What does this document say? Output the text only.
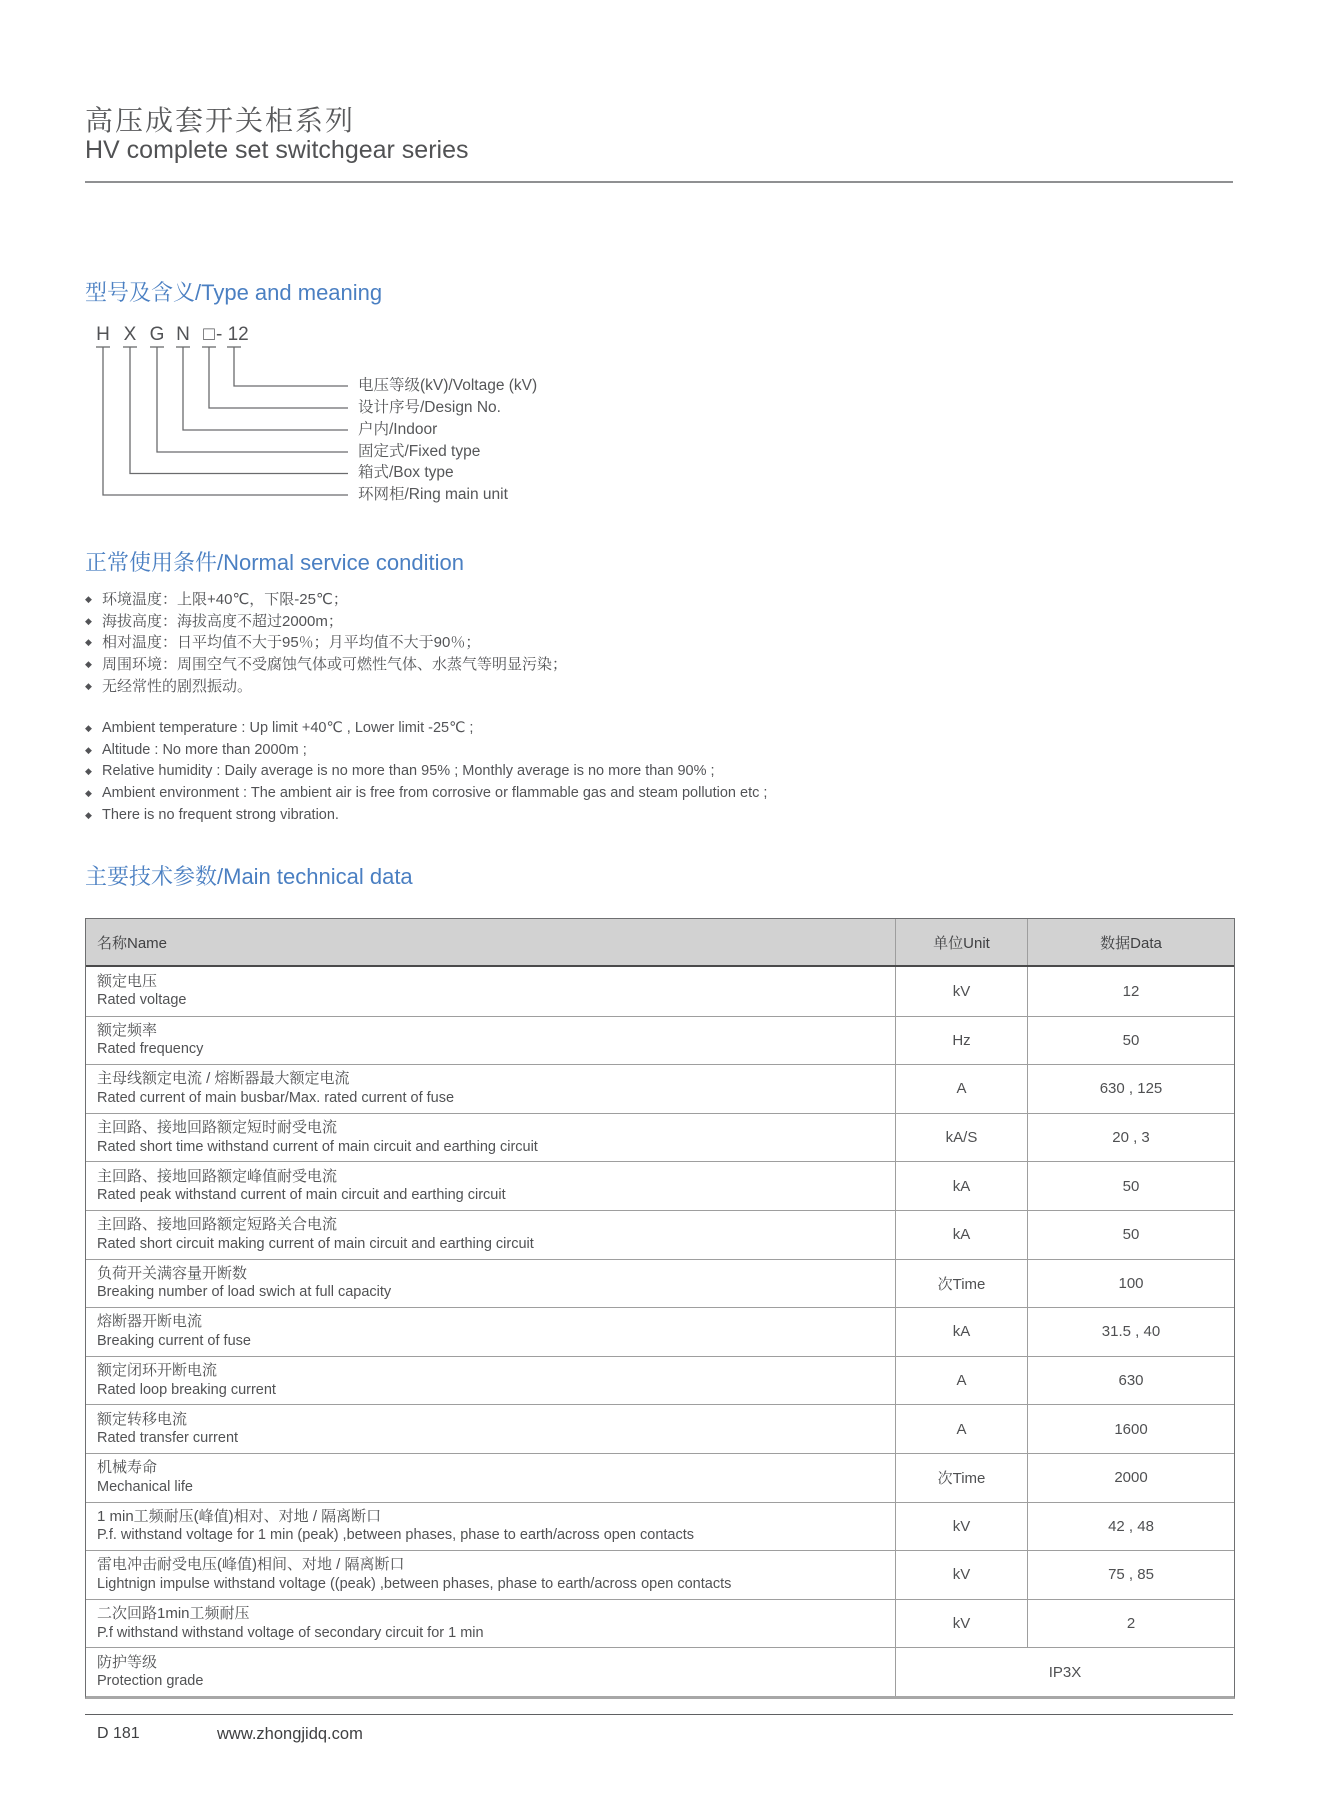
高压成套开关柜系列
HV complete set switchgear series
型号及含义/Type and meaning
H X G N □ - 12
电压等级(kV)/Voltage (kV)
设计序号/Design No.
户内/Indoor
固定式/Fixed type
箱式/Box type
环网柜/Ring main unit
正常使用条件/Normal service condition
◆ 环境温度：上限+40℃，下限-25℃；
◆ 海拔高度：海拔高度不超过2000m；
◆ 相对温度：日平均值不大于95％；月平均值不大于90％；
◆ 周围环境：周围空气不受腐蚀气体或可燃性气体、水蒸气等明显污染；
◆ 无经常性的剧烈振动。
◆ Ambient temperature : Up limit +40℃ , Lower limit -25℃ ;
◆ Altitude : No more than 2000m ;
◆ Relative humidity : Daily average is no more than 95% ; Monthly average is no more than 90% ;
◆ Ambient environment : The ambient air is free from corrosive or flammable gas and steam pollution etc ;
◆ There is no frequent strong vibration.
主要技术参数/Main technical data
名称Name	单位Unit	数据Data
额定电压
Rated voltage
kV	12
额定频率
Rated frequency
Hz	50
主母线额定电流 / 熔断器最大额定电流
Rated current of main busbar/Max. rated current of fuse
A	630 , 125
主回路、接地回路额定短时耐受电流
Rated short time withstand current of main circuit and earthing circuit
kA/S	20 , 3
主回路、接地回路额定峰值耐受电流
Rated peak withstand current of main circuit and earthing circuit
kA	50
主回路、接地回路额定短路关合电流
Rated short circuit making current of main circuit and earthing circuit
kA	50
负荷开关满容量开断数
Breaking number of load swich at full capacity	次Time	100
熔断器开断电流
Breaking current of fuse
kA	31.5 , 40
额定闭环开断电流
Rated loop breaking current
A	630
额定转移电流
Rated transfer current
A	1600
机械寿命
Mechanical life	次Time	2000
1 min工频耐压(峰值)相对、对地 / 隔离断口
P.f. withstand voltage for 1 min (peak) ,between phases, phase to earth/across open contacts
kV	42 , 48
雷电冲击耐受电压(峰值)相间、对地 / 隔离断口
Lightnign impulse withstand voltage ((peak) ,between phases, phase to earth/across open contacts
kV	75 , 85
二次回路1min工频耐压
P.f withstand withstand voltage of secondary circuit for 1 min
kV	2
防护等级
Protection grade
IP3X
D 181	www.zhongjidq.com
